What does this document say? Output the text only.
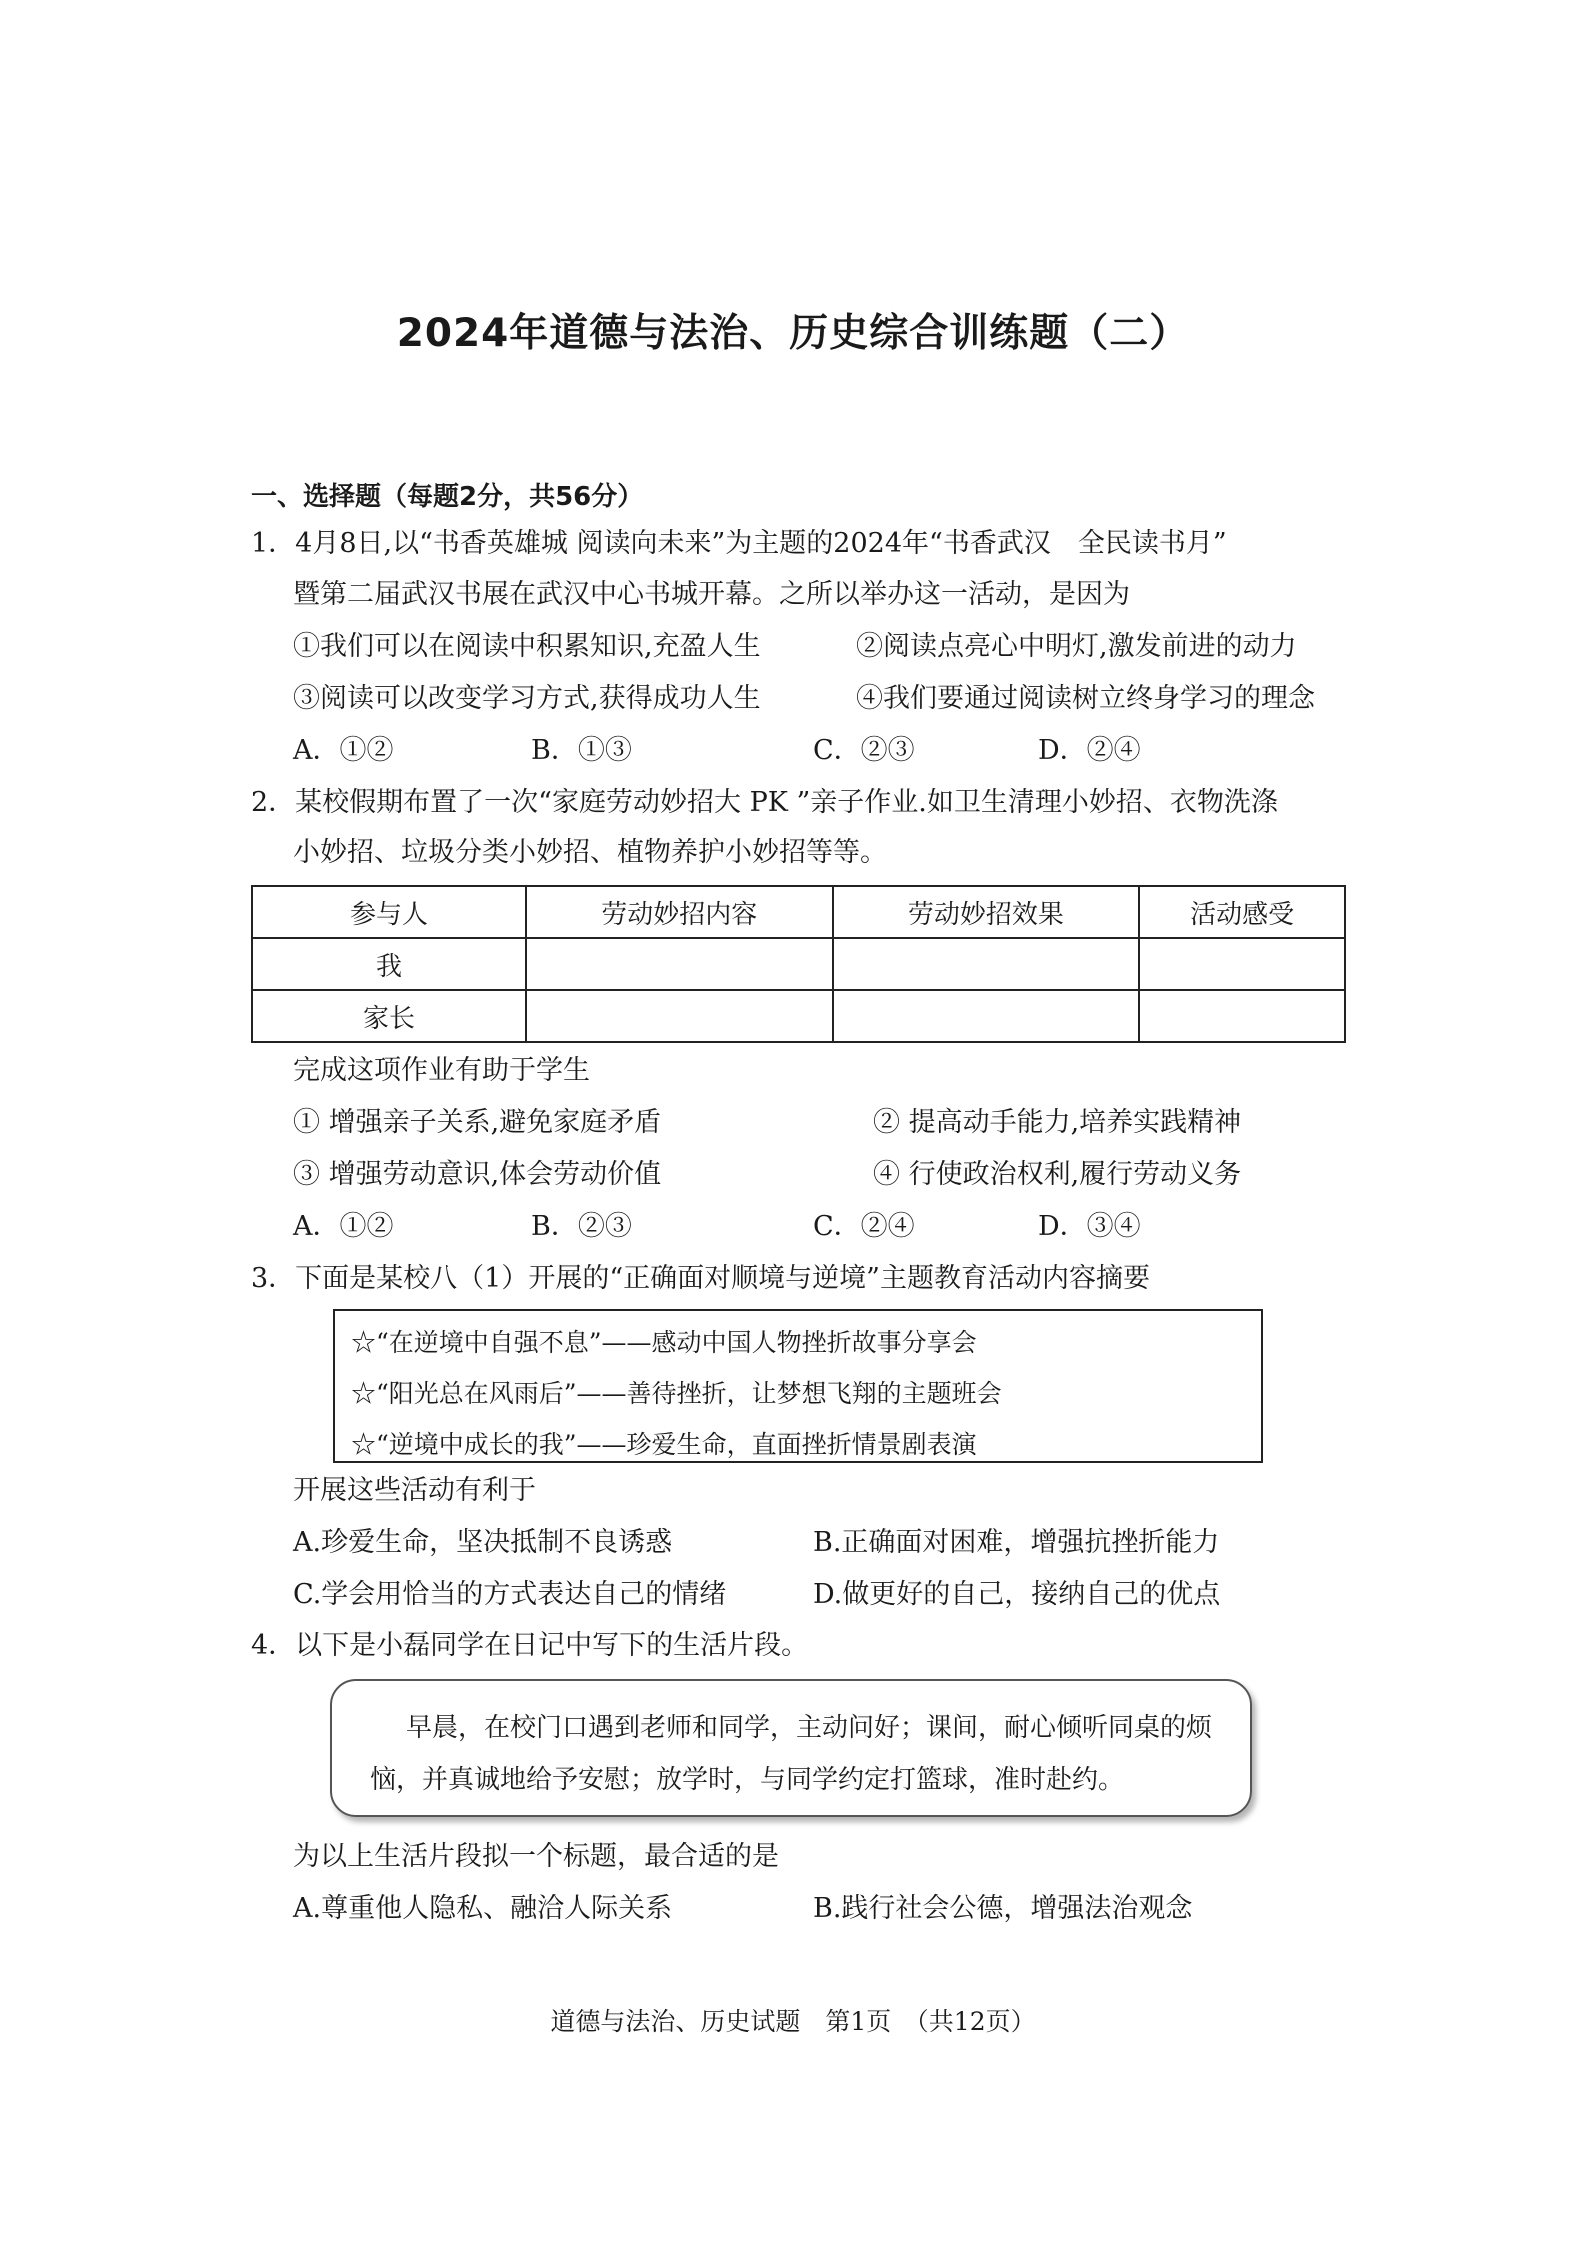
2024年道德与法治、历史综合训练题（二）
一、选择题（每题2分，共56分）
1．4月8日,以“书香英雄城 阅读向未来”为主题的2024年“书香武汉　全民读书月”
暨第二届武汉书展在武汉中心书城开幕。之所以举办这一活动，是因为
①我们可以在阅读中积累知识,充盈人生	②阅读点亮心中明灯,激发前进的动力
③阅读可以改变学习方式,获得成功人生	④我们要通过阅读树立终身学习的理念
A．①②	B．①③	C．②③	D．②④
2．某校假期布置了一次“家庭劳动妙招大 PK ”亲子作业.如卫生清理小妙招、衣物洗涤
小妙招、垃圾分类小妙招、植物养护小妙招等等。
参与人	劳动妙招内容	劳动妙招效果	活动感受
我			
家长			
完成这项作业有助于学生
① 增强亲子关系,避免家庭矛盾	② 提高动手能力,培养实践精神
③ 增强劳动意识,体会劳动价值	④ 行使政治权利,履行劳动义务
A．①②	B．②③	C．②④	D．③④
3．下面是某校八（1）开展的“正确面对顺境与逆境”主题教育活动内容摘要
☆“在逆境中自强不息”——感动中国人物挫折故事分享会
☆“阳光总在风雨后”——善待挫折，让梦想飞翔的主题班会
☆“逆境中成长的我”——珍爱生命，直面挫折情景剧表演
开展这些活动有利于
A.珍爱生命，坚决抵制不良诱惑	B.正确面对困难，增强抗挫折能力
C.学会用恰当的方式表达自己的情绪	D.做更好的自己，接纳自己的优点
4．以下是小磊同学在日记中写下的生活片段。
早晨，在校门口遇到老师和同学，主动问好；课间，耐心倾听同桌的烦
恼，并真诚地给予安慰；放学时，与同学约定打篮球，准时赴约。
为以上生活片段拟一个标题，最合适的是
A.尊重他人隐私、融洽人际关系	B.践行社会公德，增强法治观念
道德与法治、历史试题　第1页　（共12页）
